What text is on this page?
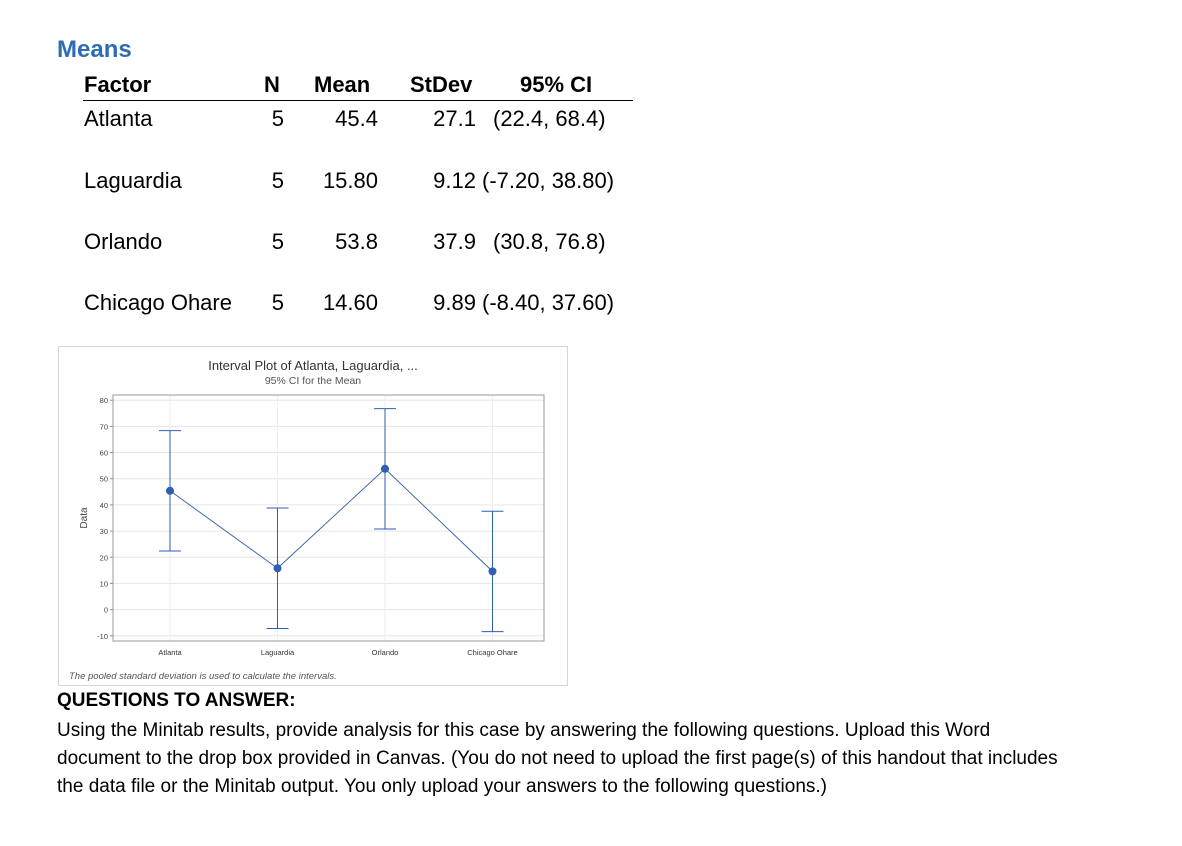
Means
Factor	N Mean StDev 95% CI
Atlanta	5	45.4	27.1 (22.4, 68.4)
Laguardia	5	15.80	9.12 (-7.20, 38.80)
Orlando	5	53.8	37.9 (30.8, 76.8)
Chicago Ohare	5	14.60	9.89 (-8.40, 37.60)
Interval Plot of Atlanta, Laguardia, ...
95% CI for the Mean
-10
0
10
20
30
40
50
60
70
80
Data
Atlanta	Laguardia	Orlando	Chicago Ohare
The pooled standard deviation is used to calculate the intervals.
QUESTIONS TO ANSWER:
Using the Minitab results, provide analysis for this case by answering the following questions. Upload this Word document to the drop box provided in Canvas. (You do not need to upload the first page(s) of this handout that includes the data file or the Minitab output. You only upload your answers to the following questions.)
